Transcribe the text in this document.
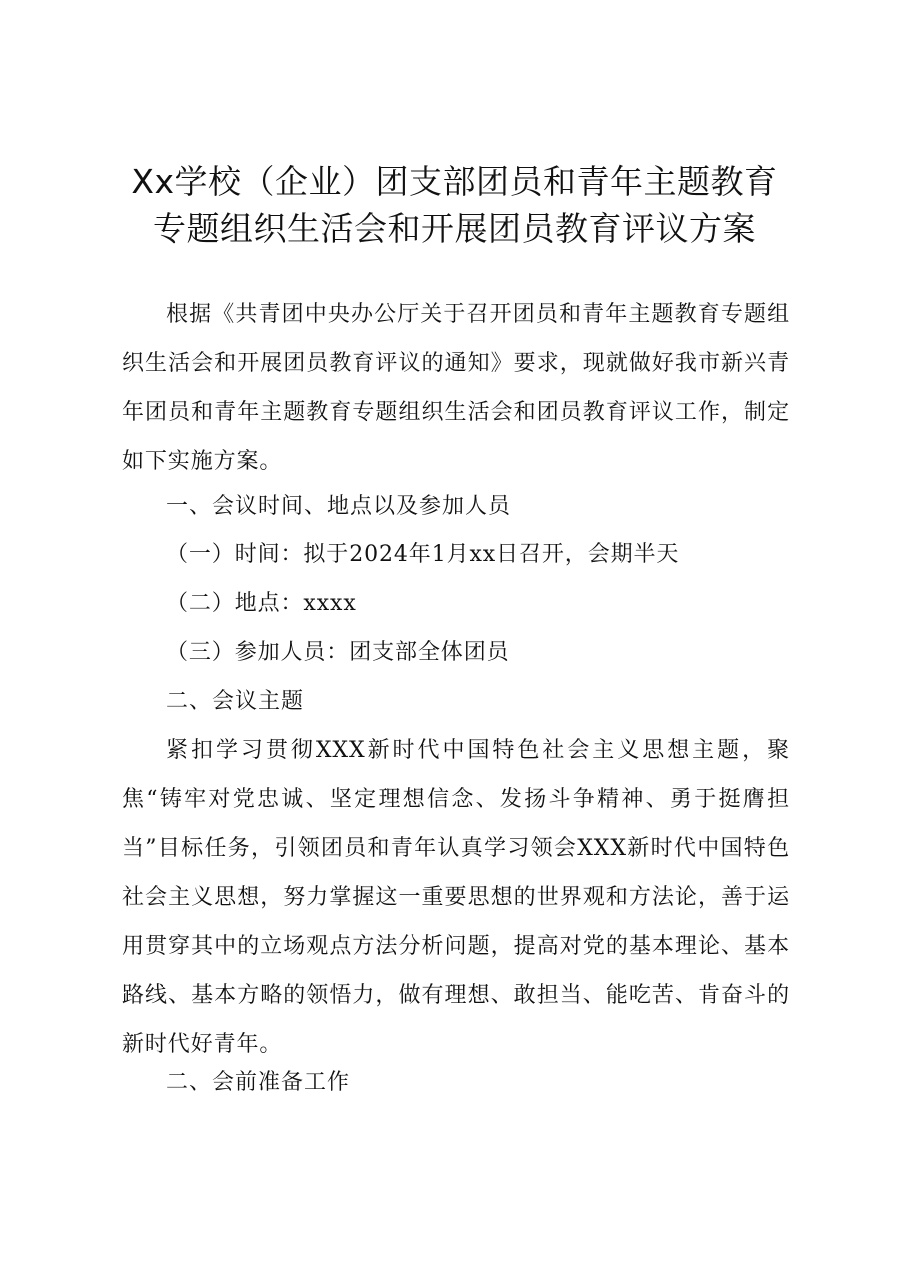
Xx学校（企业）团支部团员和青年主题教育
专题组织生活会和开展团员教育评议方案

根据《共青团中央办公厅关于召开团员和青年主题教育专题组织生活会和开展团员教育评议的通知》要求，现就做好我市新兴青年团员和青年主题教育专题组织生活会和团员教育评议工作，制定如下实施方案。

一、会议时间、地点以及参加人员

（一）时间：拟于2024年1月xx日召开，会期半天

（二）地点：xxxx

（三）参加人员：团支部全体团员

二、会议主题

紧扣学习贯彻XXX新时代中国特色社会主义思想主题，聚焦“铸牢对党忠诚、坚定理想信念、发扬斗争精神、勇于挺膺担当”目标任务，引领团员和青年认真学习领会XXX新时代中国特色社会主义思想，努力掌握这一重要思想的世界观和方法论，善于运用贯穿其中的立场观点方法分析问题，提高对党的基本理论、基本路线、基本方略的领悟力，做有理想、敢担当、能吃苦、肯奋斗的新时代好青年。

二、会前准备工作
